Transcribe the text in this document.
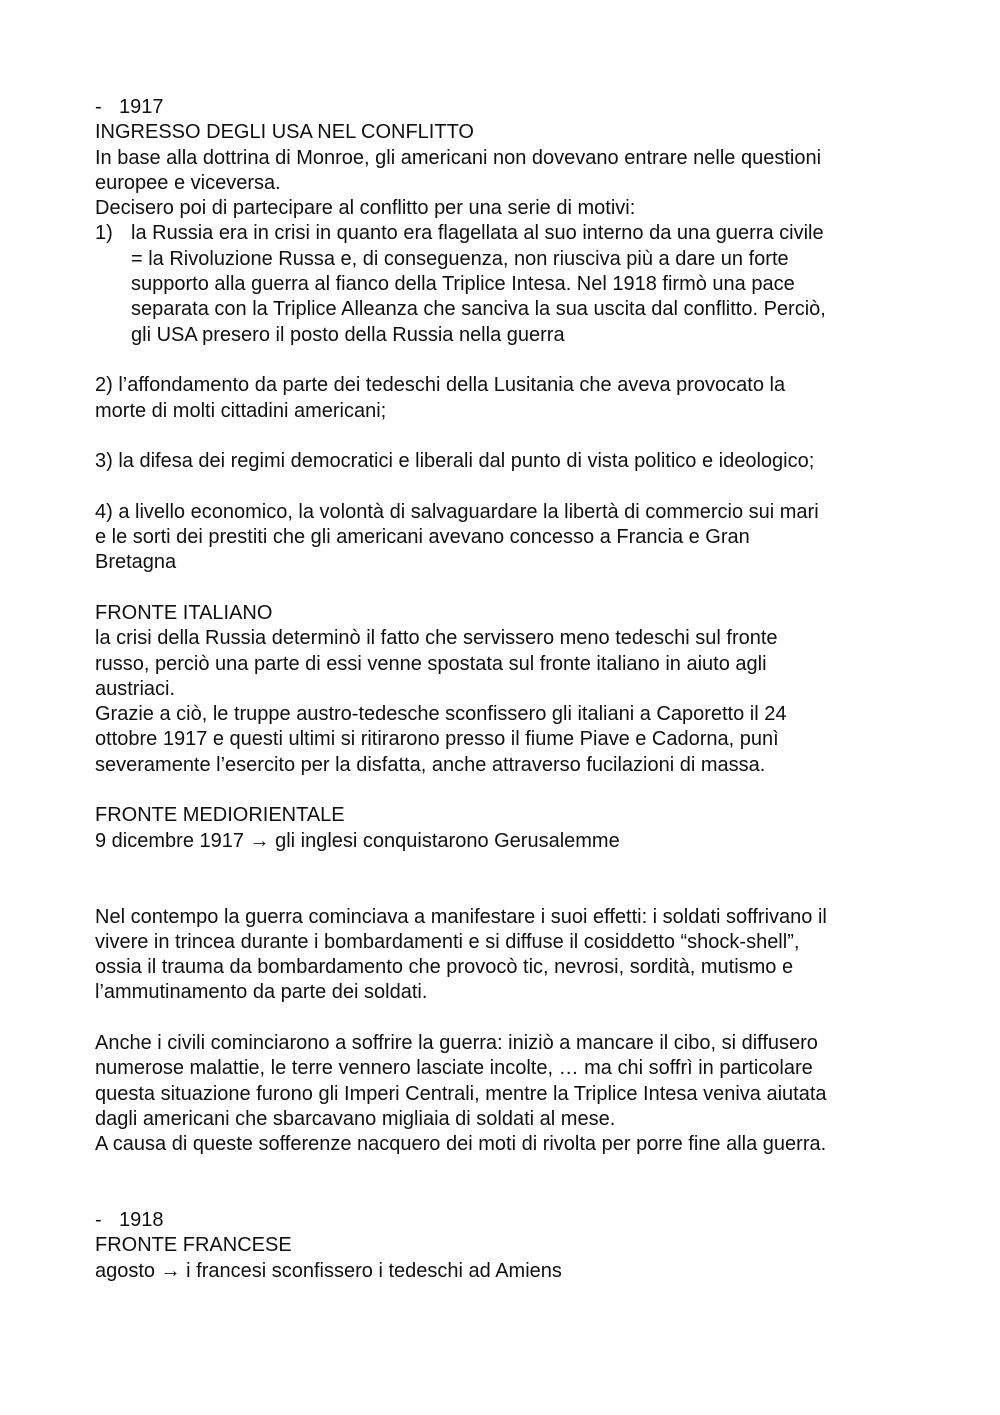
- 1917
INGRESSO DEGLI USA NEL CONFLITTO
In base alla dottrina di Monroe, gli americani non dovevano entrare nelle questioni
europee e viceversa.
Decisero poi di partecipare al conflitto per una serie di motivi:
1) la Russia era in crisi in quanto era flagellata al suo interno da una guerra civile
= la Rivoluzione Russa e, di conseguenza, non riusciva più a dare un forte
supporto alla guerra al fianco della Triplice Intesa. Nel 1918 firmò una pace
separata con la Triplice Alleanza che sanciva la sua uscita dal conflitto. Perciò,
gli USA presero il posto della Russia nella guerra
2) l’affondamento da parte dei tedeschi della Lusitania che aveva provocato la
morte di molti cittadini americani;
3) la difesa dei regimi democratici e liberali dal punto di vista politico e ideologico;
4) a livello economico, la volontà di salvaguardare la libertà di commercio sui mari
e le sorti dei prestiti che gli americani avevano concesso a Francia e Gran
Bretagna
FRONTE ITALIANO
la crisi della Russia determinò il fatto che servissero meno tedeschi sul fronte
russo, perciò una parte di essi venne spostata sul fronte italiano in aiuto agli
austriaci.
Grazie a ciò, le truppe austro-tedesche sconfissero gli italiani a Caporetto il 24
ottobre 1917 e questi ultimi si ritirarono presso il fiume Piave e Cadorna, punì
severamente l’esercito per la disfatta, anche attraverso fucilazioni di massa.
FRONTE MEDIORIENTALE
9 dicembre 1917 → gli inglesi conquistarono Gerusalemme
Nel contempo la guerra cominciava a manifestare i suoi effetti: i soldati soffrivano il
vivere in trincea durante i bombardamenti e si diffuse il cosiddetto “shock-shell”,
ossia il trauma da bombardamento che provocò tic, nevrosi, sordità, mutismo e
l’ammutinamento da parte dei soldati.
Anche i civili cominciarono a soffrire la guerra: iniziò a mancare il cibo, si diffusero
numerose malattie, le terre vennero lasciate incolte, … ma chi soffrì in particolare
questa situazione furono gli Imperi Centrali, mentre la Triplice Intesa veniva aiutata
dagli americani che sbarcavano migliaia di soldati al mese.
A causa di queste sofferenze nacquero dei moti di rivolta per porre fine alla guerra.
- 1918
FRONTE FRANCESE
agosto → i francesi sconfissero i tedeschi ad Amiens
